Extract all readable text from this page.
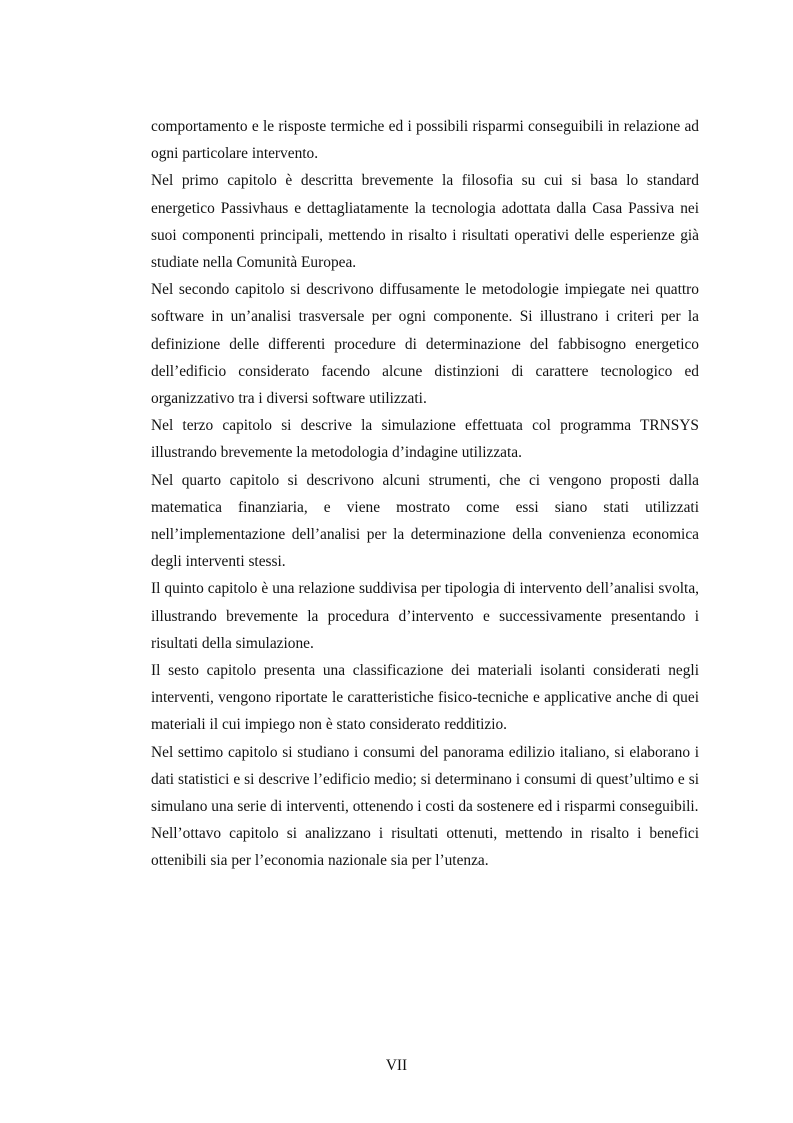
comportamento e le risposte termiche ed i possibili risparmi conseguibili in relazione ad ogni particolare intervento.

Nel primo capitolo è descritta brevemente la filosofia su cui si basa lo standard energetico Passivhaus e dettagliatamente la tecnologia adottata dalla Casa Passiva nei suoi componenti principali, mettendo in risalto i risultati operativi delle esperienze già studiate nella Comunità Europea.

Nel secondo capitolo si descrivono diffusamente le metodologie impiegate nei quattro software in un’analisi trasversale per ogni componente. Si illustrano i criteri per la definizione delle differenti procedure di determinazione del fabbisogno energetico dell’edificio considerato facendo alcune distinzioni di carattere tecnologico ed organizzativo tra i diversi software utilizzati.

Nel terzo capitolo si descrive la simulazione effettuata col programma TRNSYS illustrando brevemente la metodologia d’indagine utilizzata.

Nel quarto capitolo si descrivono alcuni strumenti, che ci vengono proposti dalla matematica finanziaria, e viene mostrato come essi siano stati utilizzati nell’implementazione dell’analisi per la determinazione della convenienza economica degli interventi stessi.

Il quinto capitolo è una relazione suddivisa per tipologia di intervento dell’analisi svolta, illustrando brevemente la procedura d’intervento e successivamente presentando i risultati della simulazione.

Il sesto capitolo presenta una classificazione dei materiali isolanti considerati negli interventi, vengono riportate le caratteristiche fisico-tecniche e applicative anche di quei materiali il cui impiego non è stato considerato redditizio.

Nel settimo capitolo si studiano i consumi del panorama edilizio italiano, si elaborano i dati statistici e si descrive l’edificio medio; si determinano i consumi di quest’ultimo e si simulano una serie di interventi, ottenendo i costi da sostenere ed i risparmi conseguibili.

Nell’ottavo capitolo si analizzano i risultati ottenuti, mettendo in risalto i benefici ottenibili sia per l’economia nazionale sia per l’utenza.

VII
